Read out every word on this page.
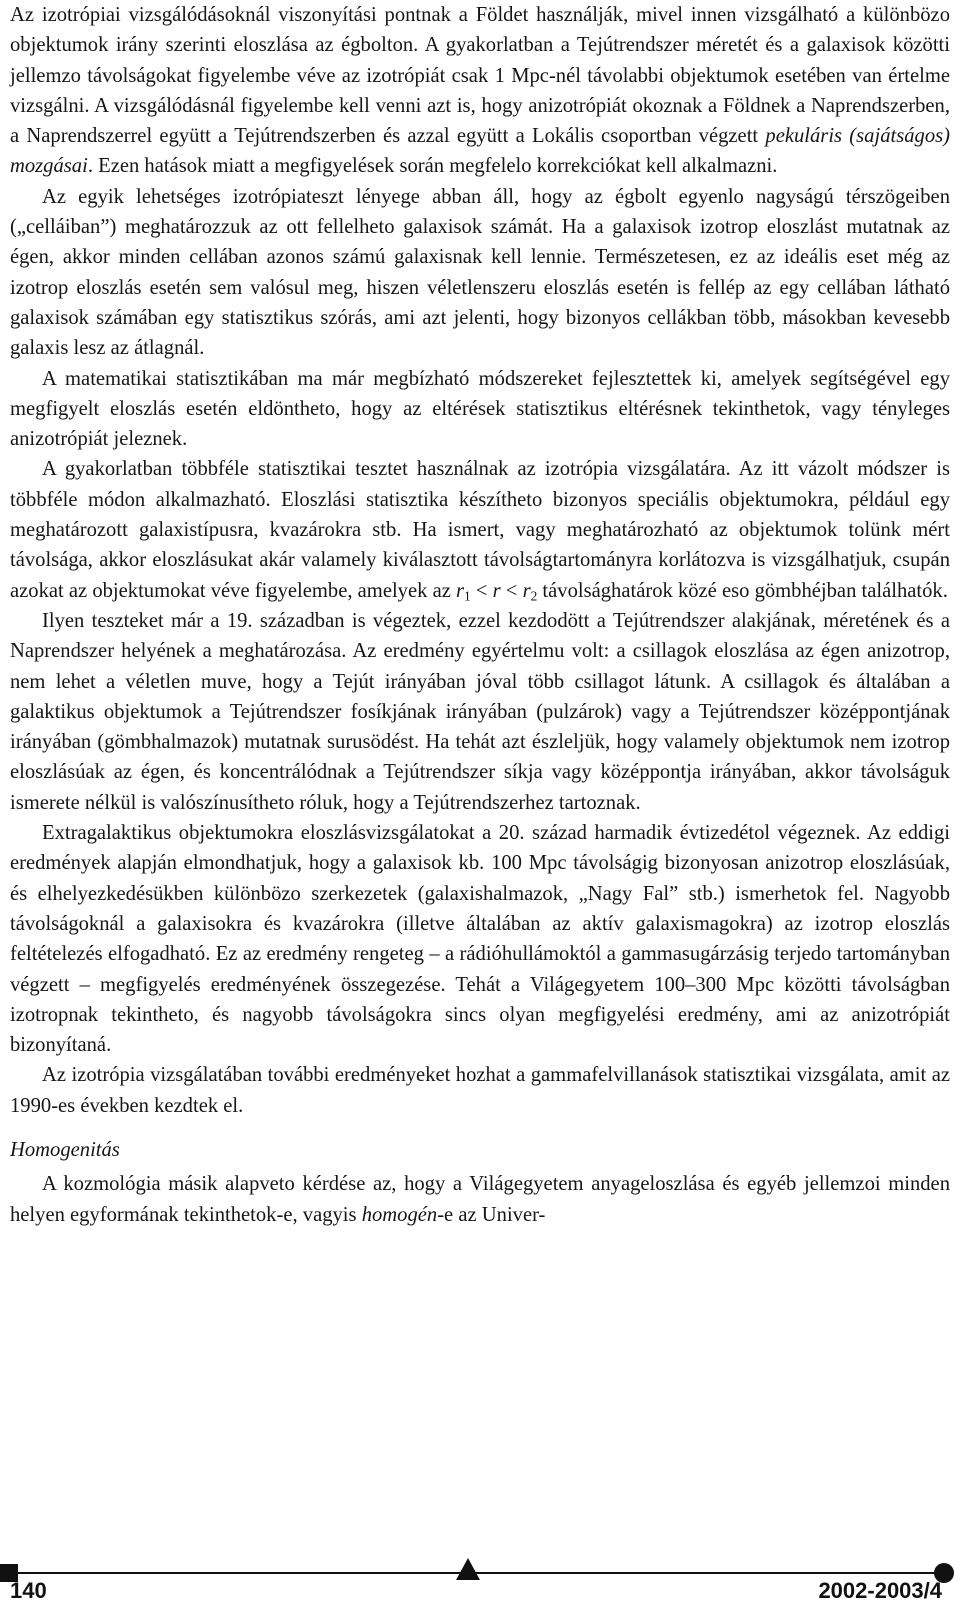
Az izotrópiai vizsgálódásoknál viszonyítási pontnak a Földet használják, mivel innen vizsgálható a különbözo objektumok irány szerinti eloszlása az égbolton. A gyakorlatban a Tejútrendszer méretét és a galaxisok közötti jellemzo távolságokat figyelembe véve az izotrópiát csak 1 Mpc-nél távolabbi objektumok esetében van értelme vizsgálni. A vizsgálódásnál figyelembe kell venni azt is, hogy anizotrópiát okoznak a Földnek a Naprendszerben, a Naprendszerrel együtt a Tejútrendszerben és azzal együtt a Lokális csoportban végzett pekuláris (sajátságos) mozgásai. Ezen hatások miatt a megfigyelések során megfelelo korrekciókat kell alkalmazni.

Az egyik lehetséges izotrópiateszt lényege abban áll, hogy az égbolt egyenlo nagyságú térszögeiben („celláiban”) meghatározzuk az ott fellelheto galaxisok számát. Ha a galaxisok izotrop eloszlást mutatnak az égen, akkor minden cellában azonos számú galaxisnak kell lennie. Természetesen, ez az ideális eset még az izotrop eloszlás esetén sem valósul meg, hiszen véletlenszeru eloszlás esetén is fellép az egy cellában látható galaxisok számában egy statisztikus szórás, ami azt jelenti, hogy bizonyos cellákban több, másokban kevesebb galaxis lesz az átlagnál.

A matematikai statisztikában ma már megbízható módszereket fejlesztettek ki, amelyek segítségével egy megfigyelt eloszlás esetén eldöntheto, hogy az eltérések statisztikus eltérésnek tekinthetok, vagy tényleges anizotrópiát jeleznek.

A gyakorlatban többféle statisztikai tesztet használnak az izotrópia vizsgálatára. Az itt vázolt módszer is többféle módon alkalmazható. Eloszlási statisztika készítheto bizonyos speciális objektumokra, például egy meghatározott galaxistípusra, kvazárokra stb. Ha ismert, vagy meghatározható az objektumok tolünk mért távolsága, akkor eloszlásukat akár valamely kiválasztott távolságtartományra korlátozva is vizsgálhatjuk, csupán azokat az objektumokat véve figyelembe, amelyek az $r_1 < r < r_2$ távolsághatárok közé eso gömbhéjban találhatók.

Ilyen teszteket már a 19. században is végeztek, ezzel kezdodött a Tejútrendszer alakjának, méretének és a Naprendszer helyének a meghatározása. Az eredmény egyértelmu volt: a csillagok eloszlása az égen anizotrop, nem lehet a véletlen muve, hogy a Tejút irányában jóval több csillagot látunk. A csillagok és általában a galaktikus objektumok a Tejútrendszer fosíkjának irányában (pulzárok) vagy a Tejútrendszer középpontjának irányában (gömbhalmazok) mutatnak surusödést. Ha tehát azt észleljük, hogy valamely objektumok nem izotrop eloszlásúak az égen, és koncentrálódnak a Tejútrendszer síkja vagy középpontja irányában, akkor távolságuk ismerete nélkül is valószínusítheto róluk, hogy a Tejútrendszerhez tartoznak.

Extragalaktikus objektumokra eloszlásvizsgálatokat a 20. század harmadik évtizedétol végeznek. Az eddigi eredmények alapján elmondhatjuk, hogy a galaxisok kb. 100 Mpc távolságig bizonyosan anizotrop eloszlásúak, és elhelyezkedésükben különbözo szerkezetek (galaxishalmazok, „Nagy Fal” stb.) ismerhetok fel. Nagyobb távolságoknál a galaxisokra és kvazárokra (illetve általában az aktív galaxismagokra) az izotrop eloszlás feltételezés elfogadható. Ez az eredmény rengeteg – a rádióhullámoktól a gammasugárzásig terjedo tartományban végzett – megfigyelés eredményének összegezése. Tehát a Világegyetem 100–300 Mpc közötti távolságban izotropnak tekintheto, és nagyobb távolságokra sincs olyan megfigyelési eredmény, ami az anizotrópiát bizonyítaná.

Az izotrópia vizsgálatában további eredményeket hozhat a gammafelvillanások statisztikai vizsgálata, amit az 1990-es években kezdtek el.

Homogenitás

A kozmológia másik alapveto kérdése az, hogy a Világegyetem anyageloszlása és egyéb jellemzoi minden helyen egyformának tekinthetok-e, vagyis homogén-e az Univer-

140	2002-2003/4
